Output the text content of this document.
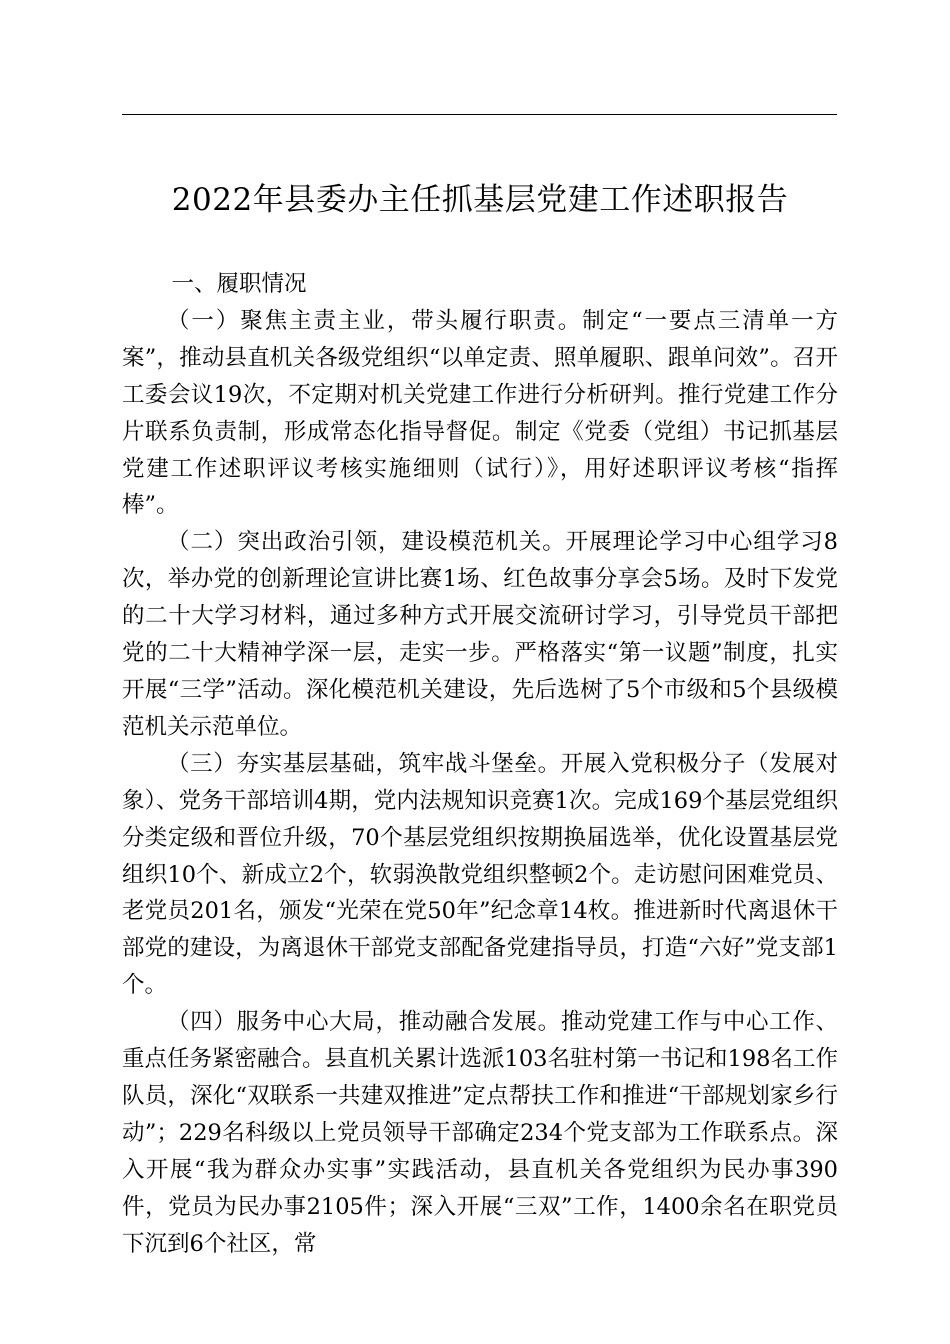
2022年县委办主任抓基层党建工作述职报告

一、履职情况

（一）聚焦主责主业，带头履行职责。制定“一要点三清单一方案”，推动县直机关各级党组织“以单定责、照单履职、跟单问效”。召开工委会议19次，不定期对机关党建工作进行分析研判。推行党建工作分片联系负责制，形成常态化指导督促。制定《党委（党组）书记抓基层党建工作述职评议考核实施细则（试行）》，用好述职评议考核“指挥棒”。

（二）突出政治引领，建设模范机关。开展理论学习中心组学习8次，举办党的创新理论宣讲比赛1场、红色故事分享会5场。及时下发党的二十大学习材料，通过多种方式开展交流研讨学习，引导党员干部把党的二十大精神学深一层，走实一步。严格落实“第一议题”制度，扎实开展“三学”活动。深化模范机关建设，先后选树了5个市级和5个县级模范机关示范单位。

（三）夯实基层基础，筑牢战斗堡垒。开展入党积极分子（发展对象）、党务干部培训4期，党内法规知识竞赛1次。完成169个基层党组织分类定级和晋位升级，70个基层党组织按期换届选举，优化设置基层党组织10个、新成立2个，软弱涣散党组织整顿2个。走访慰问困难党员、老党员201名，颁发“光荣在党50年”纪念章14枚。推进新时代离退休干部党的建设，为离退休干部党支部配备党建指导员，打造“六好”党支部1个。

（四）服务中心大局，推动融合发展。推动党建工作与中心工作、重点任务紧密融合。县直机关累计选派103名驻村第一书记和198名工作队员，深化“双联系一共建双推进”定点帮扶工作和推进“干部规划家乡行动”；229名科级以上党员领导干部确定234个党支部为工作联系点。深入开展“我为群众办实事”实践活动，县直机关各党组织为民办事390件，党员为民办事2105件；深入开展“三双”工作，1400余名在职党员下沉到6个社区，常
